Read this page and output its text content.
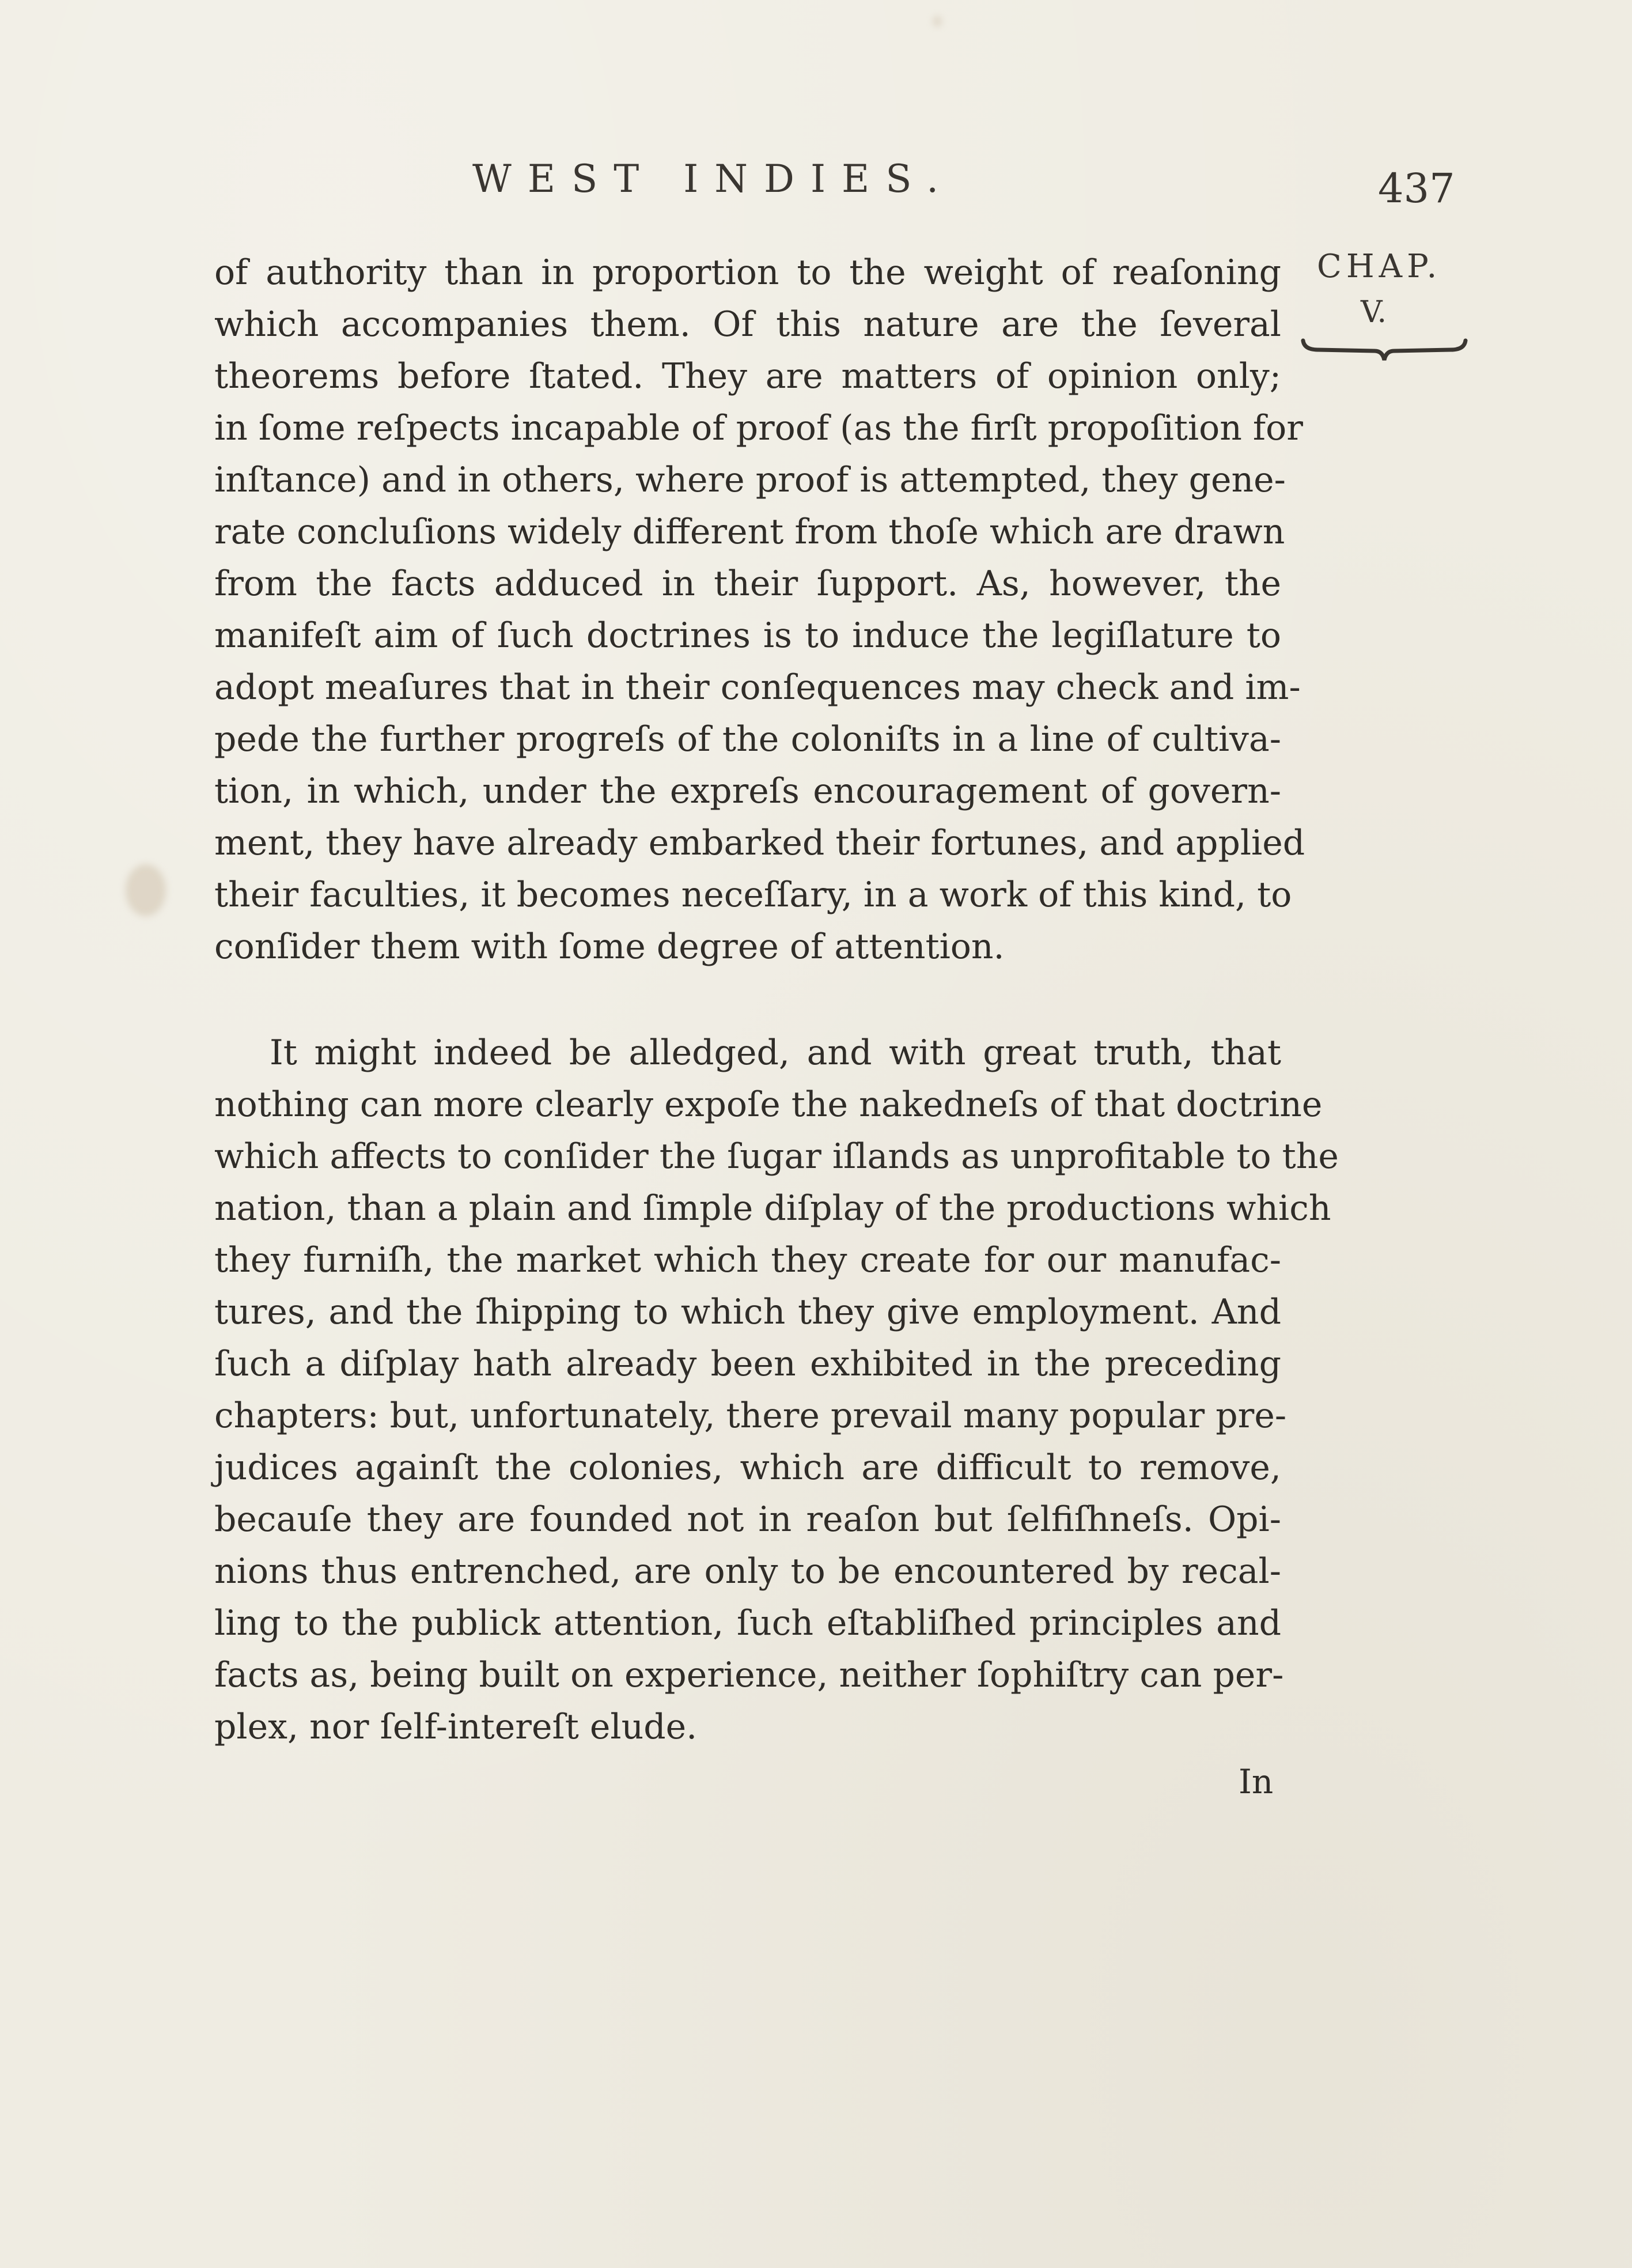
WEST INDIES.	437
CHAP.
V.
of authority than in proportion to the weight of reaſoning
which accompanies them. Of this nature are the ſeveral
theorems before ſtated. They are matters of opinion only;
in ſome reſpects incapable of proof (as the firſt propoſition for
inſtance) and in others, where proof is attempted, they gene-
rate concluſions widely different from thoſe which are drawn
from the facts adduced in their ſupport. As, however, the
manifeſt aim of ſuch doctrines is to induce the legiſlature to
adopt meaſures that in their conſequences may check and im-
pede the further progreſs of the coloniſts in a line of cultiva-
tion, in which, under the expreſs encouragement of govern-
ment, they have already embarked their fortunes, and applied
their faculties, it becomes neceſſary, in a work of this kind, to
conſider them with ſome degree of attention.
It might indeed be alledged, and with great truth, that
nothing can more clearly expoſe the nakedneſs of that doctrine
which affects to conſider the ſugar iſlands as unprofitable to the
nation, than a plain and ſimple diſplay of the productions which
they furniſh, the market which they create for our manufac-
tures, and the ſhipping to which they give employment. And
ſuch a diſplay hath already been exhibited in the preceding
chapters: but, unfortunately, there prevail many popular pre-
judices againſt the colonies, which are difficult to remove,
becauſe they are founded not in reaſon but ſelfiſhneſs. Opi-
nions thus entrenched, are only to be encountered by recal-
ling to the publick attention, ſuch eſtabliſhed principles and
facts as, being built on experience, neither ſophiſtry can per-
plex, nor ſelf-intereſt elude.
In
